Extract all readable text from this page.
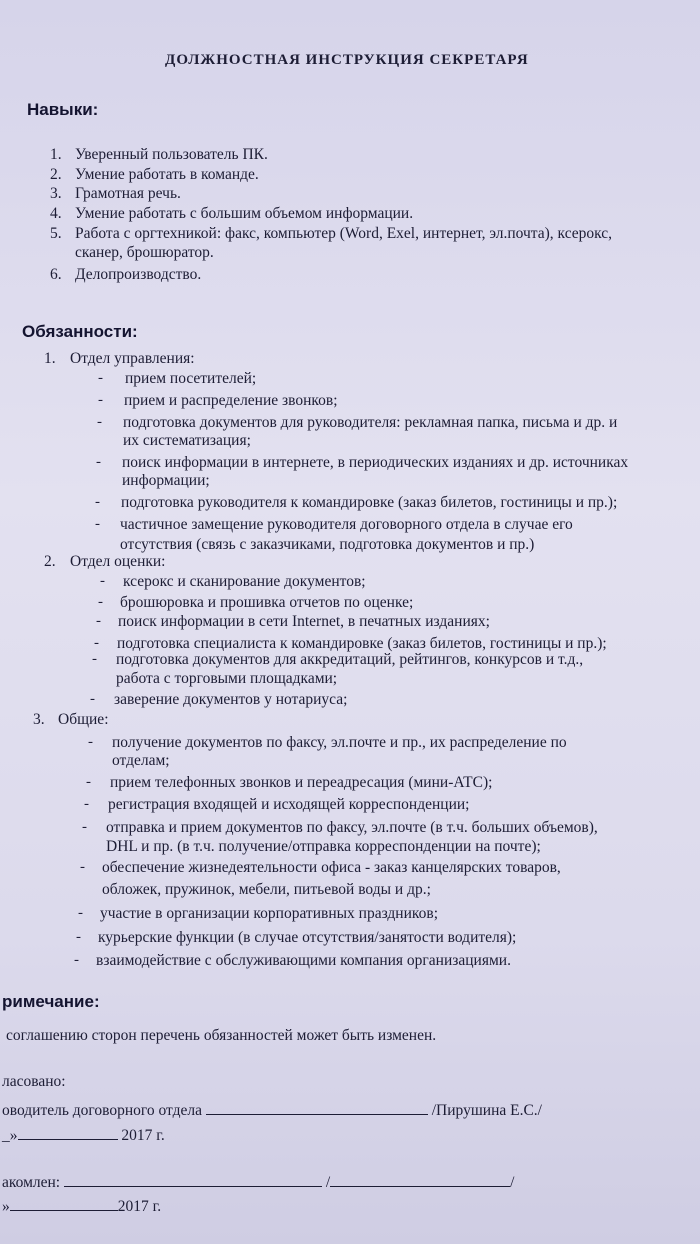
ДОЛЖНОСТНАЯ ИНСТРУКЦИЯ СЕКРЕТАРЯ
Навыки:
1. Уверенный пользователь ПК.
2. Умение работать в команде.
3. Грамотная речь.
4. Умение работать с большим объемом информации.
5. Работа с оргтехникой: факс, компьютер (Word, Exel, интернет, эл.почта), ксерокс,
сканер, брошюратор.
6. Делопроизводство.
Обязанности:
1. Отдел управления:
- прием посетителей;
- прием и распределение звонков;
- подготовка документов для руководителя: рекламная папка, письма и др. и
их систематизация;
- поиск информации в интернете, в периодических изданиях и др. источниках
информации;
- подготовка руководителя к командировке (заказ билетов, гостиницы и пр.);
- частичное замещение руководителя договорного отдела в случае его
отсутствия (связь с заказчиками, подготовка документов и пр.)
2. Отдел оценки:
- ксерокс и сканирование документов;
- брошюровка и прошивка отчетов по оценке;
- поиск информации в сети Internet, в печатных изданиях;
- подготовка специалиста к командировке (заказ билетов, гостиницы и пр.);
- подготовка документов для аккредитаций, рейтингов, конкурсов и т.д.,
работа с торговыми площадками;
- заверение документов у нотариуса;
3. Общие:
- получение документов по факсу, эл.почте и пр., их распределение по
отделам;
- прием телефонных звонков и переадресация (мини-АТС);
- регистрация входящей и исходящей корреспонденции;
- отправка и прием документов по факсу, эл.почте (в т.ч. больших объемов),
DHL и пр. (в т.ч. получение/отправка корреспонденции на почте);
- обеспечение жизнедеятельности офиса - заказ канцелярских товаров,
обложек, пружинок, мебели, питьевой воды и др.;
- участие в организации корпоративных праздников;
- курьерские функции (в случае отсутствия/занятости водителя);
- взаимодействие с обслуживающими компания организациями.
римечание:
соглашению сторон перечень обязанностей может быть изменен.
ласовано:
оводитель договорного отдела	/Пирушина Е.С./
_»	2017 г.
акомлен:	/	/
»	2017 г.
